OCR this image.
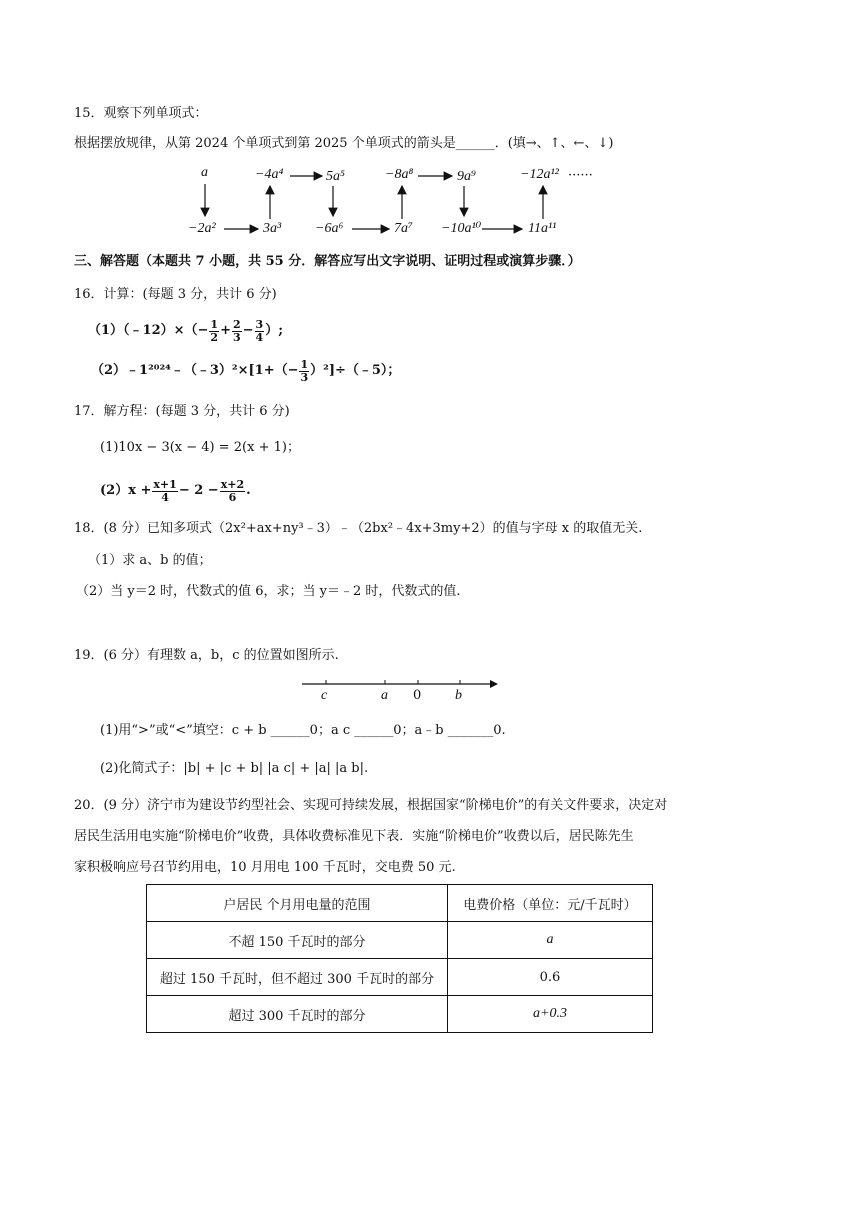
15．观察下列单项式：
根据摆放规律，从第 2024 个单项式到第 2025 个单项式的箭头是______．(填→、↑、←、↓)
a
−2a²	3a³
−4a⁴	5a⁵
−6a⁶	7a⁷
−8a⁸	9a⁹
−10a¹⁰	11a¹¹
−12a¹² ······
三、解答题（本题共 7 小题，共 55 分．解答应写出文字说明、证明过程或演算步骤．）
16．计算：(每题 3 分，共计 6 分)
（1）（﹣12）×（− $\frac{1}{2} + \frac{2}{3} - \frac{3}{4}$ ）;
（2）﹣1²⁰²⁴﹣（﹣3）²×[1+（− $\frac{1}{3}$ ）²]÷（﹣5）；
17．解方程：(每题 3 分，共计 6 分)
(1)10x − 3(x − 4) = 2(x + 1)；
$(2)x + \frac{x+1}{4} - 2 - \frac{x+2}{6}$ .
18．(8 分）已知多项式（2x²+ax+ny³﹣3）﹣（2bx²﹣4x+3my+2）的值与字母 x 的取值无关.
（1）求 a、b 的值；
（2）当 y＝2 时，代数式的值 6，求；当 y＝﹣2 时，代数式的值.
19．(6 分）有理数 a，b，c 的位置如图所示.
c	a 0 b
(1)用“>”或“<”填空：c + b ______0；a c ______0；a﹣b _______0.
(2)化简式子：|b| + |c + b| |a c| + |a| |a b|.
20．(9 分）济宁市为建设节约型社会、实现可持续发展，根据国家“阶梯电价”的有关文件要求，决定对
居民生活用电实施“阶梯电价”收费，具体收费标准见下表．实施“阶梯电价”收费以后，居民陈先生
家积极响应号召节约用电，10 月用电 100 千瓦时，交电费 50 元.
户居民 个月用电量的范围	电费价格（单位：元/千瓦时）
不超 150 千瓦时的部分	a
超过 150 千瓦时，但不超过 300 千瓦时的部分	0.6
超过 300 千瓦时的部分	a+0.3
